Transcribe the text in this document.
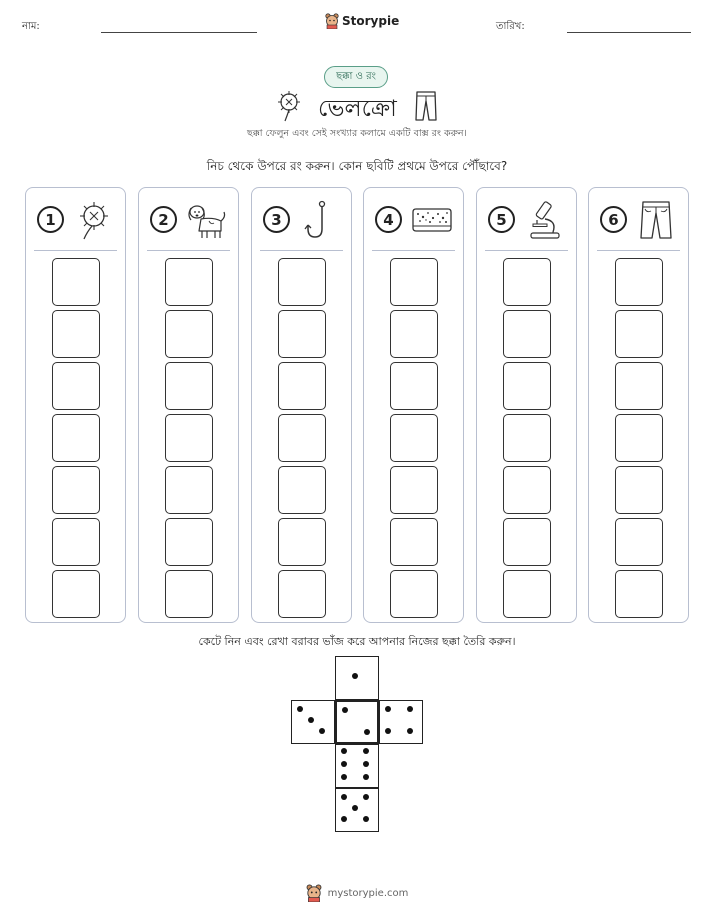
নাম:	Storypie	তারিখ:
ছক্কা ও রং
ভেলক্রো
ছক্কা ফেলুন এবং সেই সংখ্যার কলামে একটি বাক্স রং করুন।
নিচ থেকে উপরে রং করুন। কোন ছবিটি প্রথমে উপরে পৌঁছাবে?
1	2	3	4	5	6
কেটে নিন এবং রেখা বরাবর ভাঁজ করে আপনার নিজের ছক্কা তৈরি করুন।
mystorypie.com
